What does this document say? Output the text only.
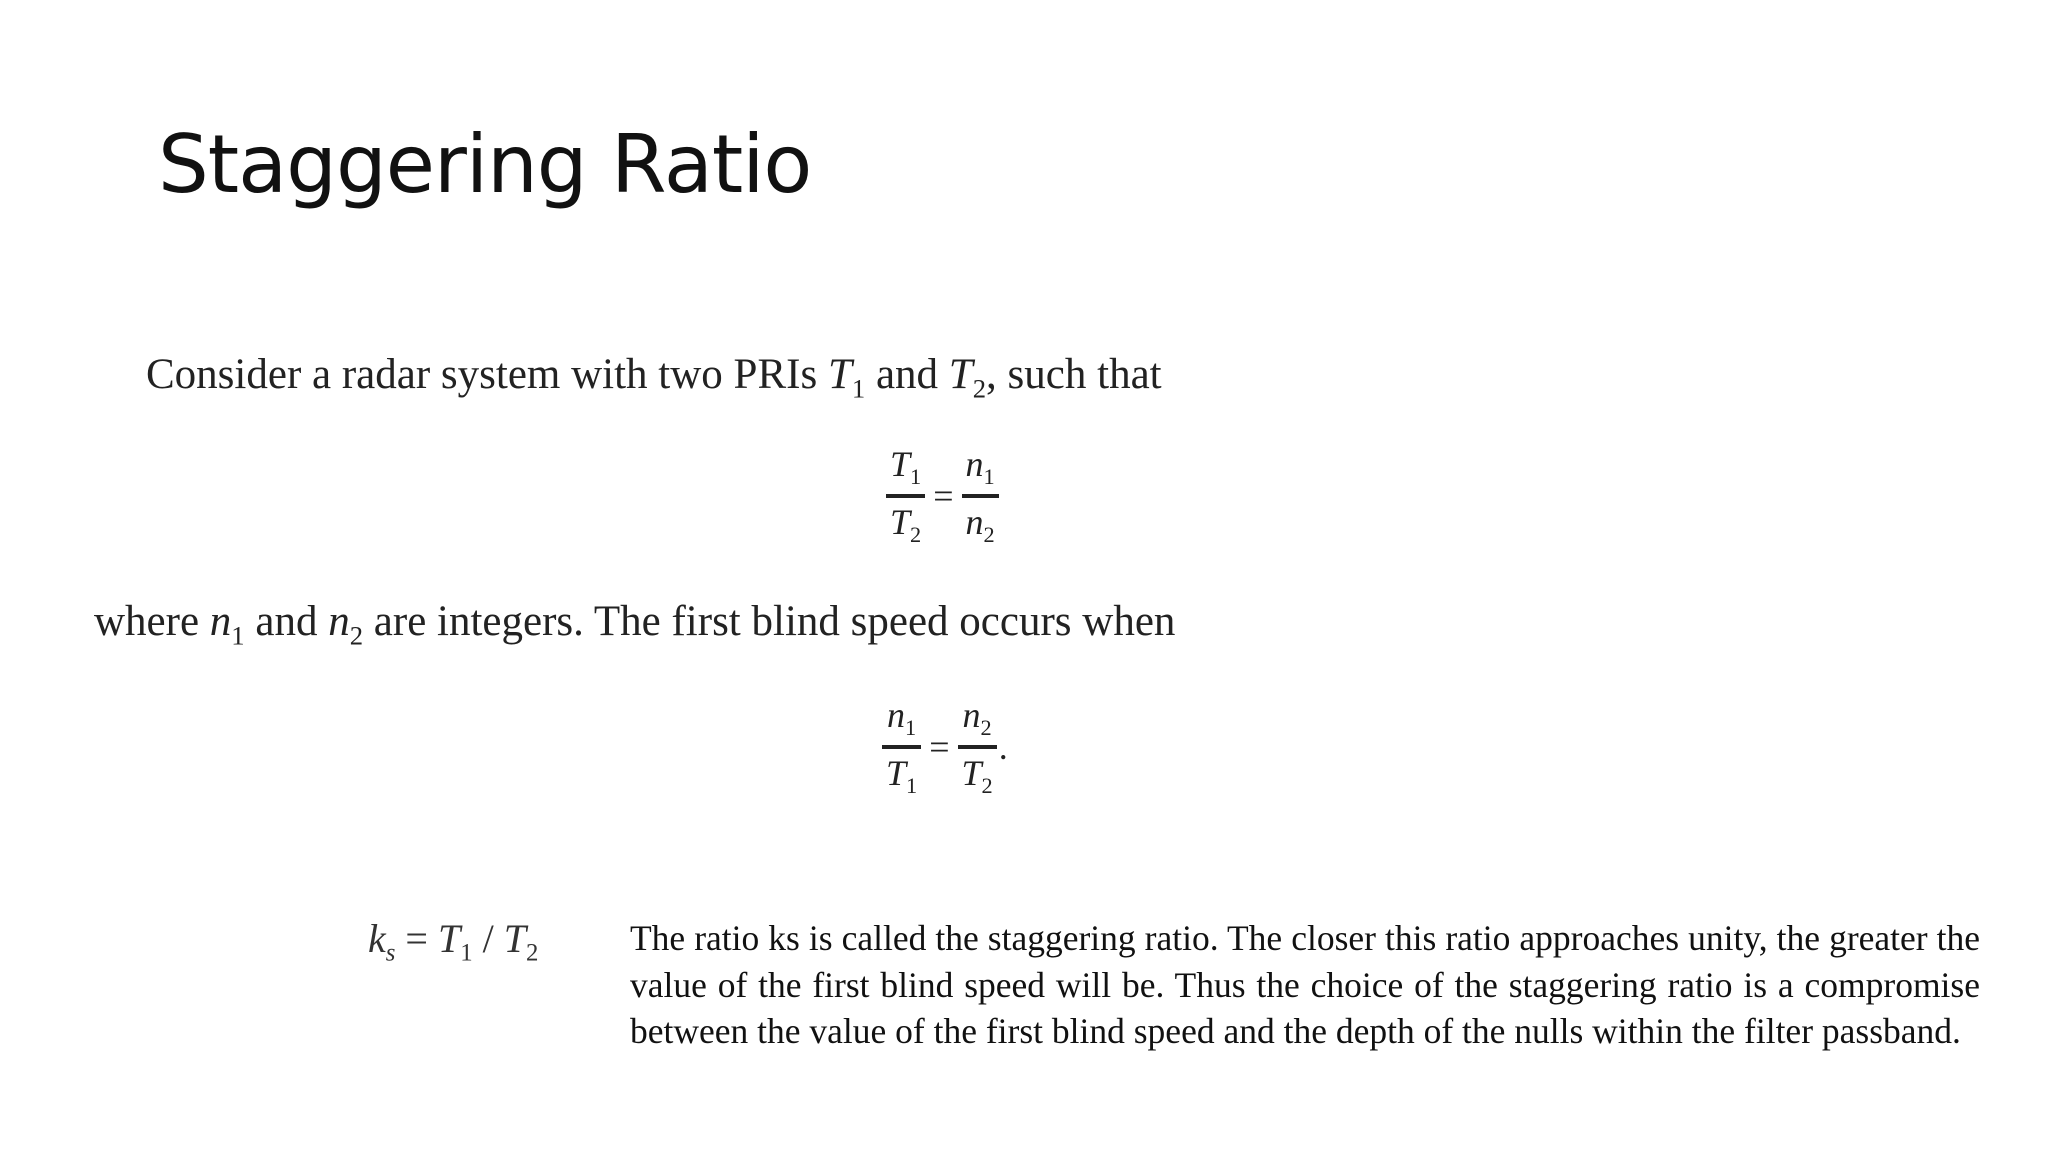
Staggering Ratio
Consider a radar system with two PRIs $T_1$ and $T_2$, such that
$\frac{T_1}{T_2} = \frac{n_1}{n_2}$
where $n_1$ and $n_2$ are integers. The first blind speed occurs when
$\frac{n_1}{T_1} = \frac{n_2}{T_2}$ .
$k_s = T_1 / T_2$	The ratio ks is called the staggering ratio. The closer this ratio approaches unity, the greater the value of the first blind speed will be. Thus the choice of the staggering ratio is a compromise between the value of the first blind speed and the depth of the nulls within the filter passband.
